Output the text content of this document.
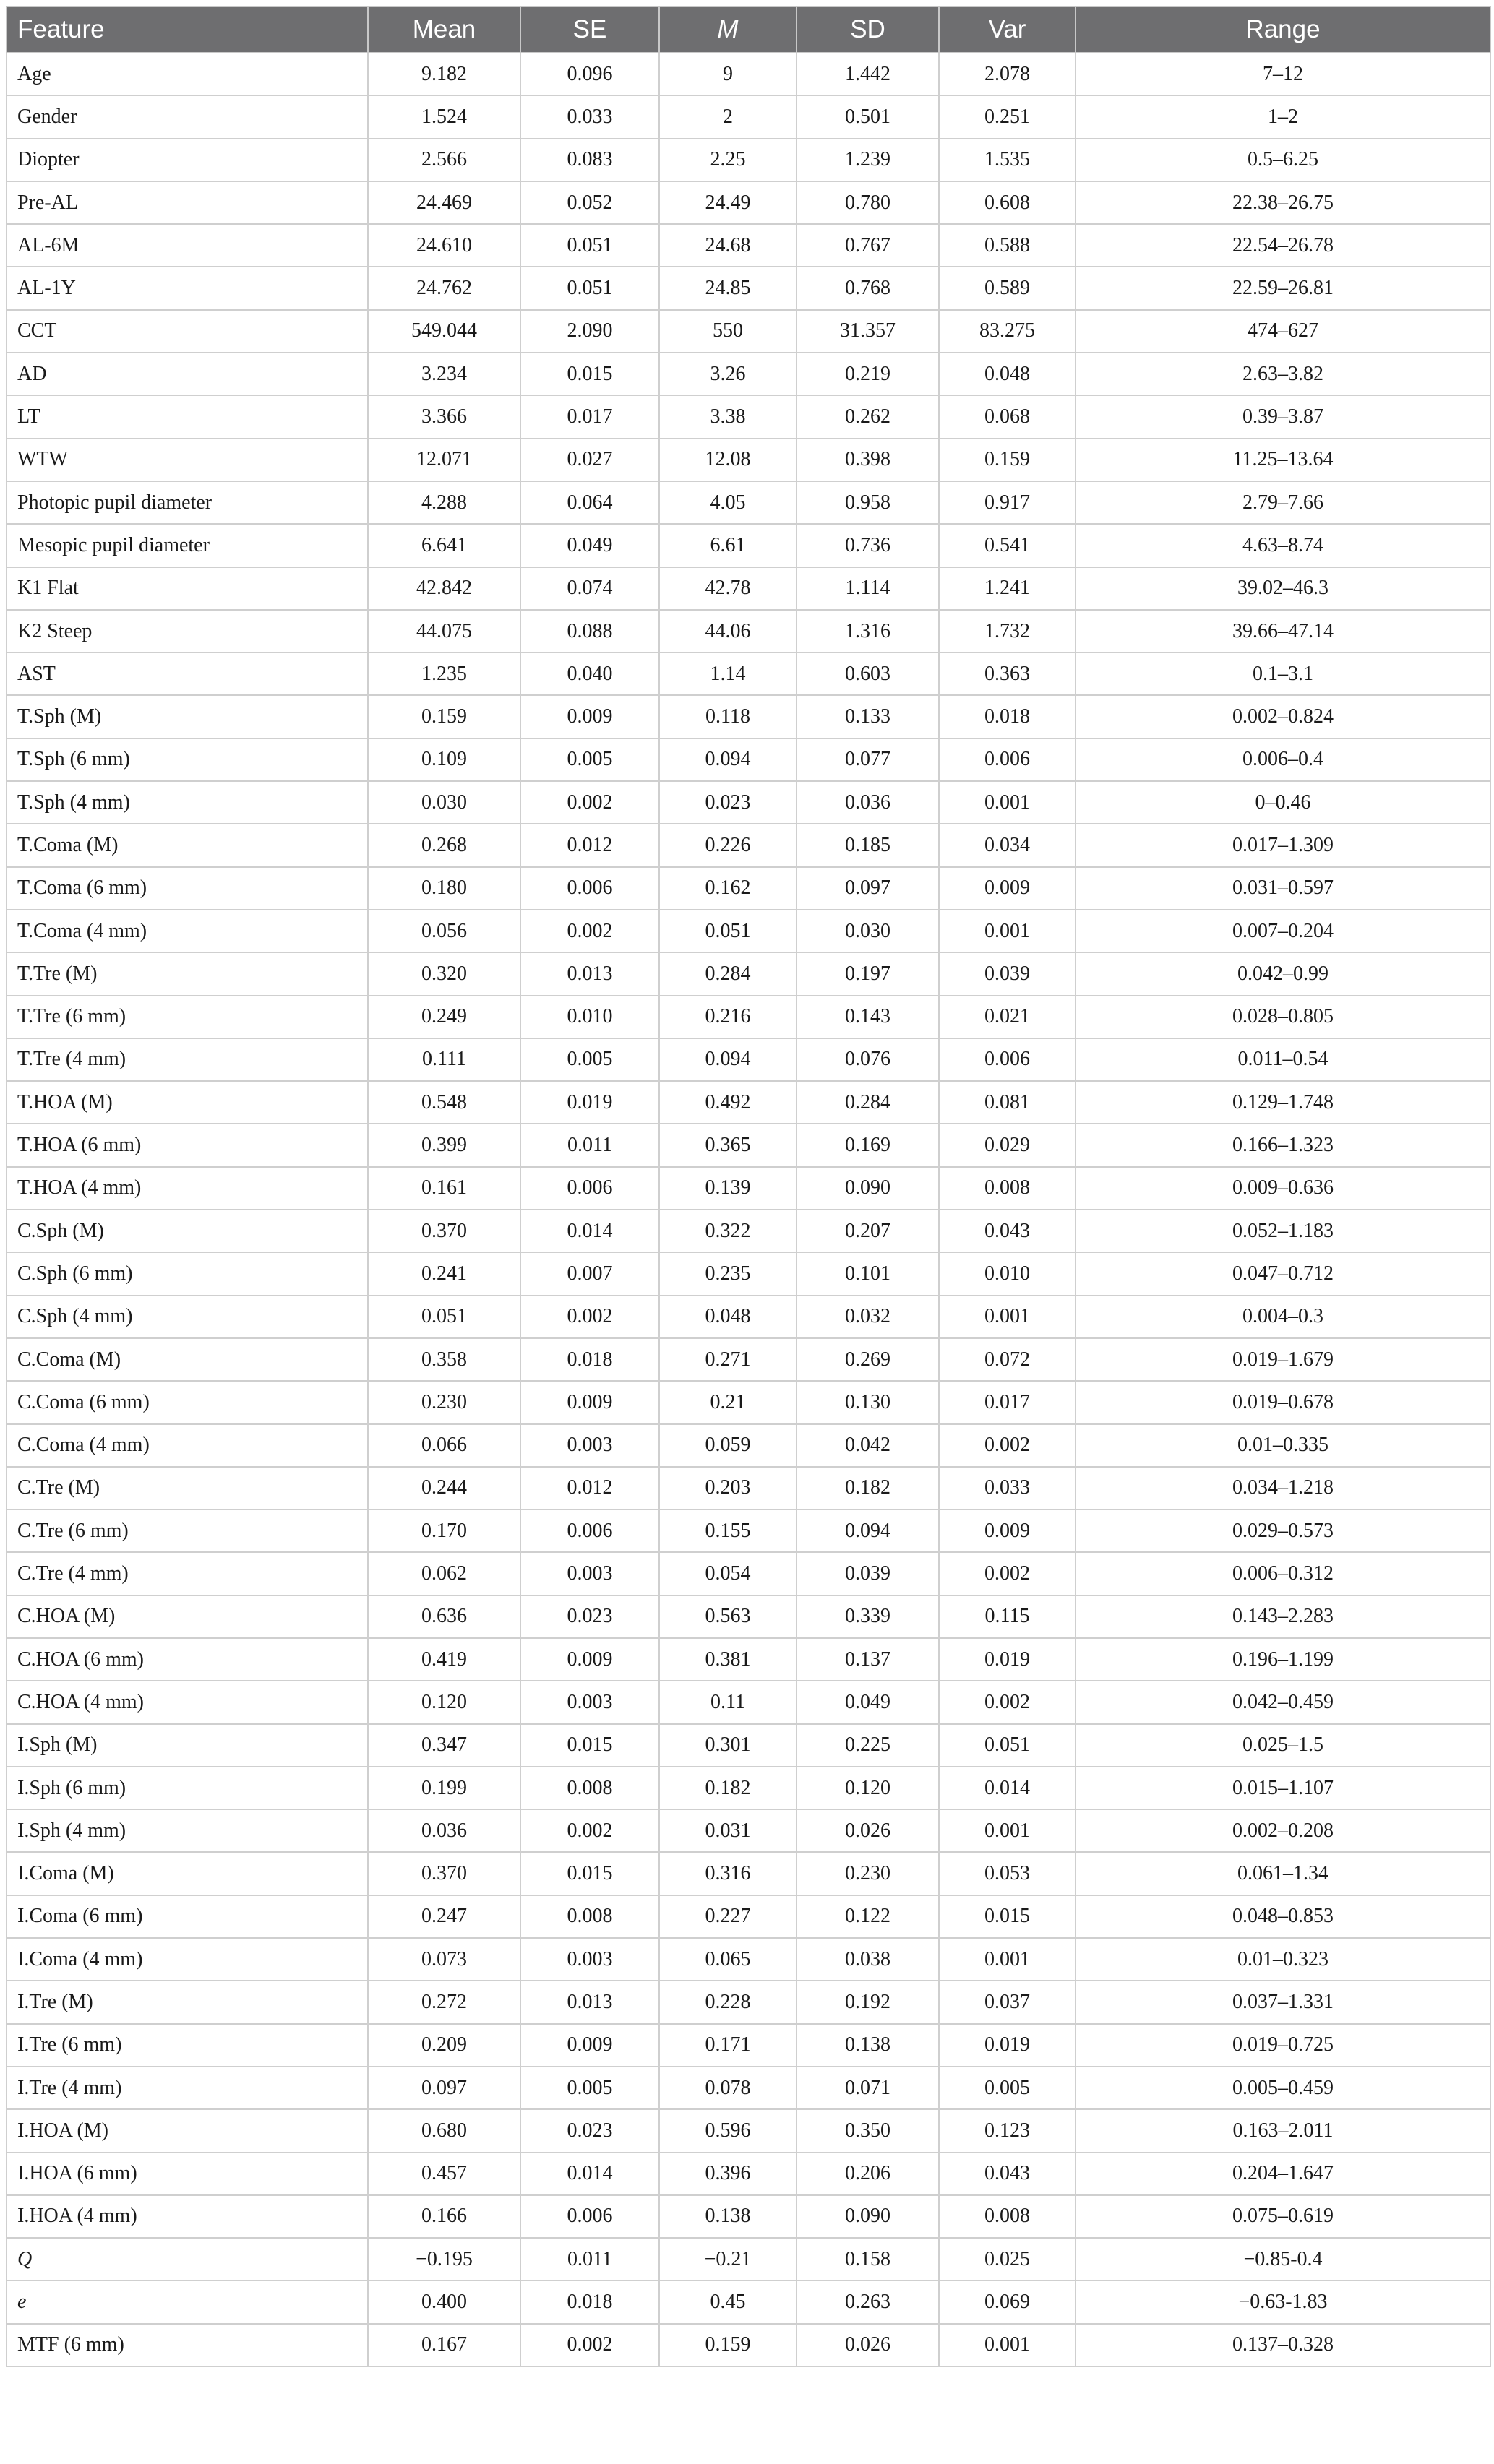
Feature	Mean	SE	M	SD	Var	Range
Age	9.182	0.096	9	1.442	2.078	7–12
Gender	1.524	0.033	2	0.501	0.251	1–2
Diopter	2.566	0.083	2.25	1.239	1.535	0.5–6.25
Pre-AL	24.469	0.052	24.49	0.780	0.608	22.38–26.75
AL-6M	24.610	0.051	24.68	0.767	0.588	22.54–26.78
AL-1Y	24.762	0.051	24.85	0.768	0.589	22.59–26.81
CCT	549.044	2.090	550	31.357	83.275	474–627
AD	3.234	0.015	3.26	0.219	0.048	2.63–3.82
LT	3.366	0.017	3.38	0.262	0.068	0.39–3.87
WTW	12.071	0.027	12.08	0.398	0.159	11.25–13.64
Photopic pupil diameter	4.288	0.064	4.05	0.958	0.917	2.79–7.66
Mesopic pupil diameter	6.641	0.049	6.61	0.736	0.541	4.63–8.74
K1 Flat	42.842	0.074	42.78	1.114	1.241	39.02–46.3
K2 Steep	44.075	0.088	44.06	1.316	1.732	39.66–47.14
AST	1.235	0.040	1.14	0.603	0.363	0.1–3.1
T.Sph (M)	0.159	0.009	0.118	0.133	0.018	0.002–0.824
T.Sph (6 mm)	0.109	0.005	0.094	0.077	0.006	0.006–0.4
T.Sph (4 mm)	0.030	0.002	0.023	0.036	0.001	0–0.46
T.Coma (M)	0.268	0.012	0.226	0.185	0.034	0.017–1.309
T.Coma (6 mm)	0.180	0.006	0.162	0.097	0.009	0.031–0.597
T.Coma (4 mm)	0.056	0.002	0.051	0.030	0.001	0.007–0.204
T.Tre (M)	0.320	0.013	0.284	0.197	0.039	0.042–0.99
T.Tre (6 mm)	0.249	0.010	0.216	0.143	0.021	0.028–0.805
T.Tre (4 mm)	0.111	0.005	0.094	0.076	0.006	0.011–0.54
T.HOA (M)	0.548	0.019	0.492	0.284	0.081	0.129–1.748
T.HOA (6 mm)	0.399	0.011	0.365	0.169	0.029	0.166–1.323
T.HOA (4 mm)	0.161	0.006	0.139	0.090	0.008	0.009–0.636
C.Sph (M)	0.370	0.014	0.322	0.207	0.043	0.052–1.183
C.Sph (6 mm)	0.241	0.007	0.235	0.101	0.010	0.047–0.712
C.Sph (4 mm)	0.051	0.002	0.048	0.032	0.001	0.004–0.3
C.Coma (M)	0.358	0.018	0.271	0.269	0.072	0.019–1.679
C.Coma (6 mm)	0.230	0.009	0.21	0.130	0.017	0.019–0.678
C.Coma (4 mm)	0.066	0.003	0.059	0.042	0.002	0.01–0.335
C.Tre (M)	0.244	0.012	0.203	0.182	0.033	0.034–1.218
C.Tre (6 mm)	0.170	0.006	0.155	0.094	0.009	0.029–0.573
C.Tre (4 mm)	0.062	0.003	0.054	0.039	0.002	0.006–0.312
C.HOA (M)	0.636	0.023	0.563	0.339	0.115	0.143–2.283
C.HOA (6 mm)	0.419	0.009	0.381	0.137	0.019	0.196–1.199
C.HOA (4 mm)	0.120	0.003	0.11	0.049	0.002	0.042–0.459
I.Sph (M)	0.347	0.015	0.301	0.225	0.051	0.025–1.5
I.Sph (6 mm)	0.199	0.008	0.182	0.120	0.014	0.015–1.107
I.Sph (4 mm)	0.036	0.002	0.031	0.026	0.001	0.002–0.208
I.Coma (M)	0.370	0.015	0.316	0.230	0.053	0.061–1.34
I.Coma (6 mm)	0.247	0.008	0.227	0.122	0.015	0.048–0.853
I.Coma (4 mm)	0.073	0.003	0.065	0.038	0.001	0.01–0.323
I.Tre (M)	0.272	0.013	0.228	0.192	0.037	0.037–1.331
I.Tre (6 mm)	0.209	0.009	0.171	0.138	0.019	0.019–0.725
I.Tre (4 mm)	0.097	0.005	0.078	0.071	0.005	0.005–0.459
I.HOA (M)	0.680	0.023	0.596	0.350	0.123	0.163–2.011
I.HOA (6 mm)	0.457	0.014	0.396	0.206	0.043	0.204–1.647
I.HOA (4 mm)	0.166	0.006	0.138	0.090	0.008	0.075–0.619
Q	−0.195	0.011	−0.21	0.158	0.025	−0.85-0.4
e	0.400	0.018	0.45	0.263	0.069	−0.63-1.83
MTF (6 mm)	0.167	0.002	0.159	0.026	0.001	0.137–0.328
